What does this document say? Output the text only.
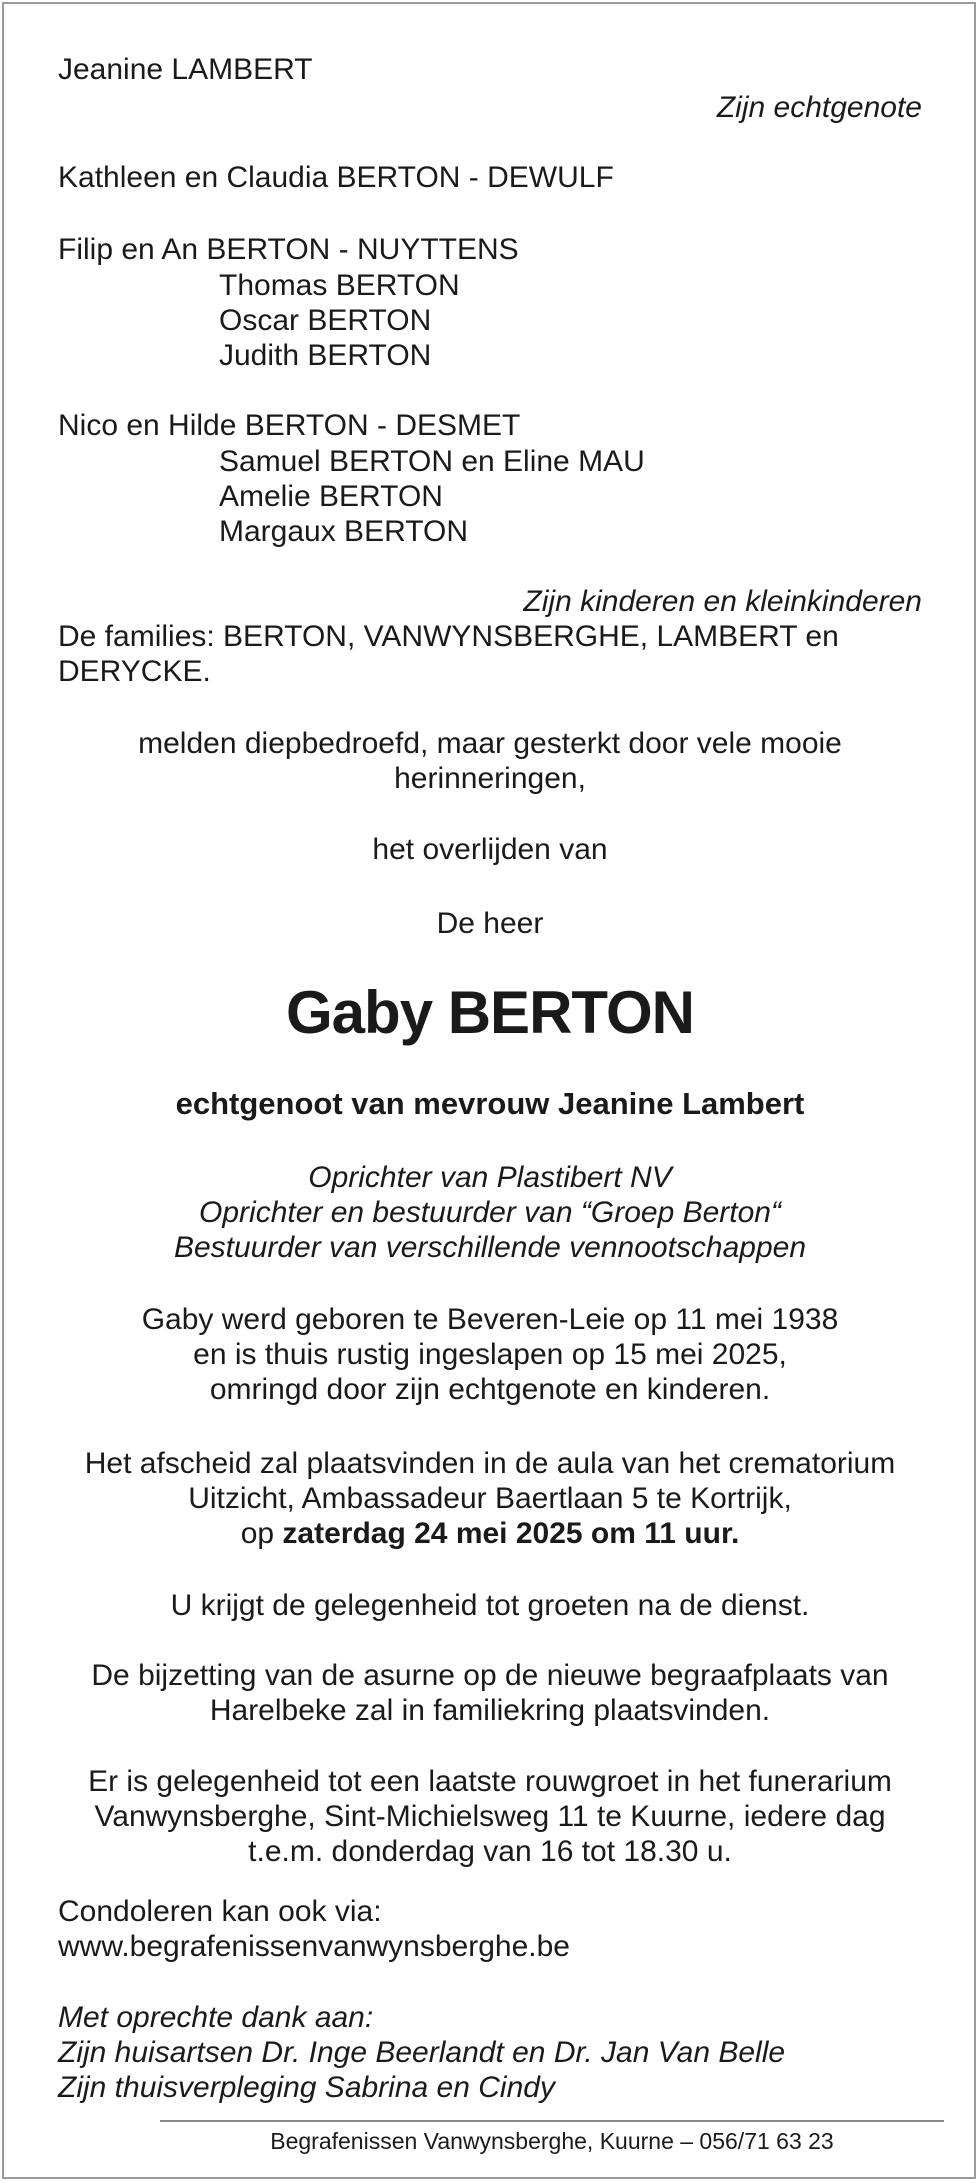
Jeanine LAMBERT
Zijn echtgenote
Kathleen en Claudia BERTON - DEWULF
Filip en An BERTON - NUYTTENS
Thomas BERTON
Oscar BERTON
Judith BERTON
Nico en Hilde BERTON - DESMET
Samuel BERTON en Eline MAU
Amelie BERTON
Margaux BERTON
Zijn kinderen en kleinkinderen
De families: BERTON, VANWYNSBERGHE, LAMBERT en
DERYCKE.
melden diepbedroefd, maar gesterkt door vele mooie
herinneringen,
het overlijden van
De heer
Gaby BERTON
echtgenoot van mevrouw Jeanine Lambert
Oprichter van Plastibert NV
Oprichter en bestuurder van “Groep Berton“
Bestuurder van verschillende vennootschappen
Gaby werd geboren te Beveren-Leie op 11 mei 1938
en is thuis rustig ingeslapen op 15 mei 2025,
omringd door zijn echtgenote en kinderen.
Het afscheid zal plaatsvinden in de aula van het crematorium
Uitzicht, Ambassadeur Baertlaan 5 te Kortrijk,
op zaterdag 24 mei 2025 om 11 uur.
U krijgt de gelegenheid tot groeten na de dienst.
De bijzetting van de asurne op de nieuwe begraafplaats van
Harelbeke zal in familiekring plaatsvinden.
Er is gelegenheid tot een laatste rouwgroet in het funerarium
Vanwynsberghe, Sint-Michielsweg 11 te Kuurne, iedere dag
t.e.m. donderdag van 16 tot 18.30 u.
Condoleren kan ook via:
www.begrafenissenvanwynsberghe.be
Met oprechte dank aan:
Zijn huisartsen Dr. Inge Beerlandt en Dr. Jan Van Belle
Zijn thuisverpleging Sabrina en Cindy
Begrafenissen Vanwynsberghe, Kuurne – 056/71 63 23
